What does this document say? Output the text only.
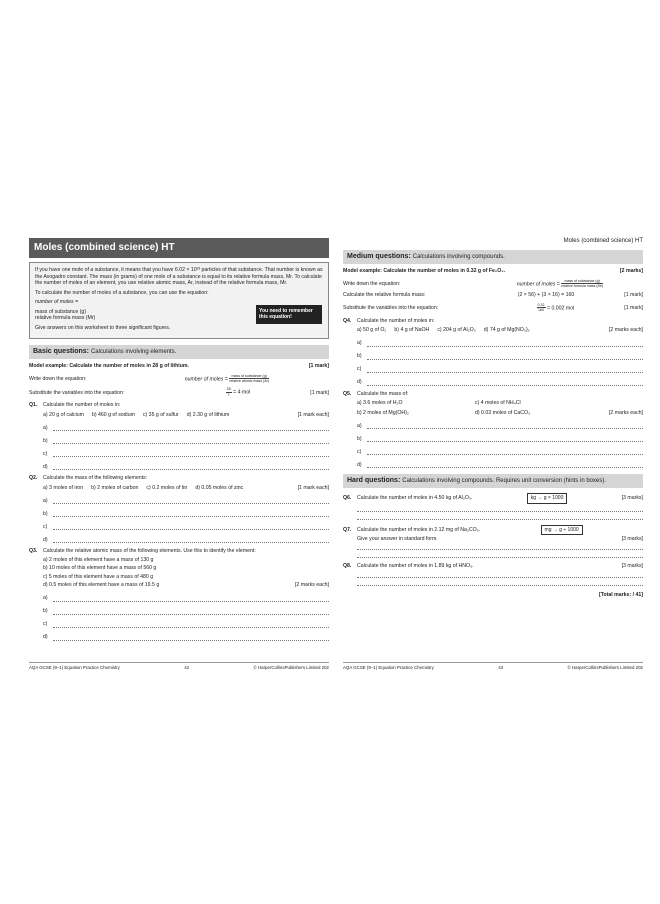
Moles (combined science) HT

If you have one mole of a substance, it means that you have 6.02 × 10²³ particles of that substance. That number is known as the Avogadro constant. The mass (in grams) of one mole of a substance is equal to its relative formula mass, Mr. To calculate the number of moles of an element, you use relative atomic mass, Ar, instead of the relative formula mass, Mr.

To calculate the number of moles of a substance, you can use the equation:

number of moles =

mass of substance (g)
relative formula mass (Mr)

Give answers on this worksheet to three significant figures.

You need to remember this equation!
Basic questions: Calculations involving elements.
Model example: Calculate the number of moles in 28 g of lithium.	[1 mark]
Write down the equation:	number of moles = $\frac{\text{mass of substance (g)}}{\text{relative atomic mass (Ar)}}$
Substitute the variables into the equation:	$\frac{28}{7} = 4$ mol	[1 mark]
Q1. Calculate the number of moles in:
a) 20 g of calcium b) 460 g of sodium c) 35 g of sulfur d) 2.30 g of lithium	[1 mark each]
a)
b)
c)
d)
Q2. Calculate the mass of the following elements:
a) 3 moles of iron b) 2 moles of carbon c) 0.2 moles of tin d) 0.05 moles of zinc	[1 mark each]
a)
b)
c)
d)
Q3. Calculate the relative atomic mass of the following elements. Use this to identify the element:
a) 2 moles of this element have a mass of 130 g
b) 10 moles of this element have a mass of 560 g
c) 5 moles of this element have a mass of 480 g
d) 0.5 moles of this element have a mass of 19.5 g	[2 marks each]
a)
b)
c)
d)
AQA GCSE (9–1) Equation Practice Chemistry	42	© HarperCollinsPublishers Limited 202
Moles (combined science) HT
Medium questions: Calculations involving compounds.
Model example: Calculate the number of moles in 0.32 g of Fe₂O₃.	[2 marks]
Write down the equation:	number of moles = $\frac{\text{mass of substance (g)}}{\text{relative formula mass (Mr)}}$
Calculate the relative formula mass:	(2 × 56) + (3 × 16) = 160	[1 mark]
Substitute the variables into the equation:	$\frac{0.32}{160} = 0.002$ mol	[1 mark]
Q4. Calculate the number of moles in:
a) 50 g of O₂ b) 4 g of NaOH c) 204 g of Al₂O₃ d) 74 g of Mg(NO₃)₂	[2 marks each]
a)
b)
c)
d)
Q5. Calculate the mass of:
a) 3.6 moles of H₂O	c) 4 moles of NH₄Cl
b) 2 moles of Mg(OH)₂	d) 0.03 moles of CaCO₃	[2 marks each]
a)
b)
c)
d)
Hard questions: Calculations involving compounds. Requires unit conversion (hints in boxes).
Q6. Calculate the number of moles in 4.50 kg of Al₂O₃.	kg → g × 1000	[3 marks]
Q7. Calculate the number of moles in 2.12 mg of Na₂CO₃.	mg → g ÷ 1000
Give your answer in standard form.	[3 marks]
Q8. Calculate the number of moles in 1.89 kg of HNO₃.	[3 marks]
[Total marks: / 41]
AQA GCSE (9–1) Equation Practice Chemistry	43	© HarperCollinsPublishers Limited 202
